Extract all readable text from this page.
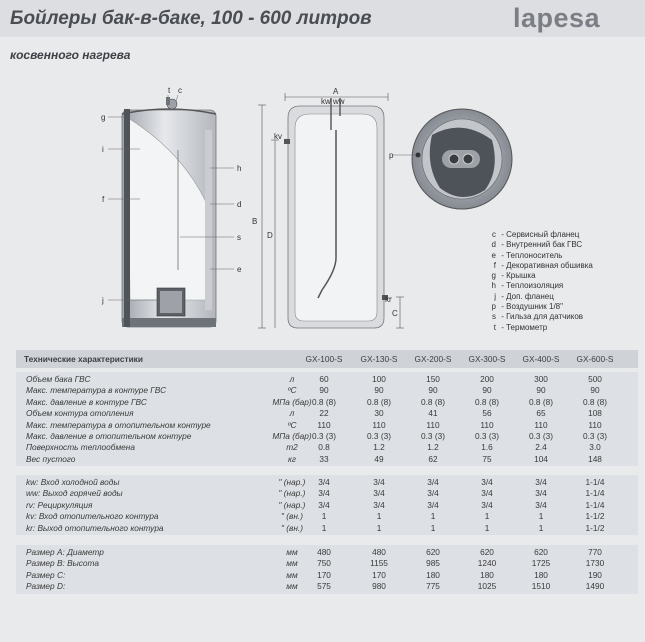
Бойлеры бак-в-баке, 100 - 600 литров	lapesa
косвенного нагрева
g
i
f
j
t c
h
d
s
e
A
kw ww
kv
B
D
kr
C
p
c - Сервисный фланец
d - Внутренний бак ГВС
e - Теплоноситель
f - Декоративная обшивка
g - Крышка
h - Теплоизоляция
j - Доп. фланец
p - Воздушник 1/8"
s - Гильза для датчиков
t - Термометр
Технические характеристики	GX-100-S	GX-130-S	GX-200-S	GX-300-S	GX-400-S	GX-600-S
Объем бака ГВС	л	60	100	150	200	300	500
Макс. температура в контуре ГВС	ºC	90	90	90	90	90	90
Макс. давление в контуре ГВС	МПа (бар) 0.8 (8)	0.8 (8)	0.8 (8)	0.8 (8)	0.8 (8)	0.8 (8)
Объем контура отопления	л	22	30	41	56	65	108
Макс. температура в отопительном контуре	ºC	110	110	110	110	110	110
Макс. давление в отопительном контуре	МПа (бар) 0.3 (3)	0.3 (3)	0.3 (3)	0.3 (3)	0.3 (3)	0.3 (3)
Поверхность теплообмена	m2	0.8	1.2	1.2	1.6	2.4	3.0
Вес пустого	кг	33	49	62	75	104	148
kw: Вход холодной воды	" (нар.)	3/4	3/4	3/4	3/4	3/4	1-1/4
ww: Выход горячей воды	" (нар.)	3/4	3/4	3/4	3/4	3/4	1-1/4
rv: Рециркуляция	" (нар.)	3/4	3/4	3/4	3/4	3/4	1-1/4
kv: Вход отопительного контура	" (вн.)	1	1	1	1	1	1-1/2
kr: Выход отопительного контура	" (вн.)	1	1	1	1	1	1-1/2
Размер A: Диаметр	мм	480	480	620	620	620	770
Размер B: Высота	мм	750	1155	985	1240	1725	1730
Размер C:	мм	170	170	180	180	180	190
Размер D:	мм	575	980	775	1025	1510	1490
